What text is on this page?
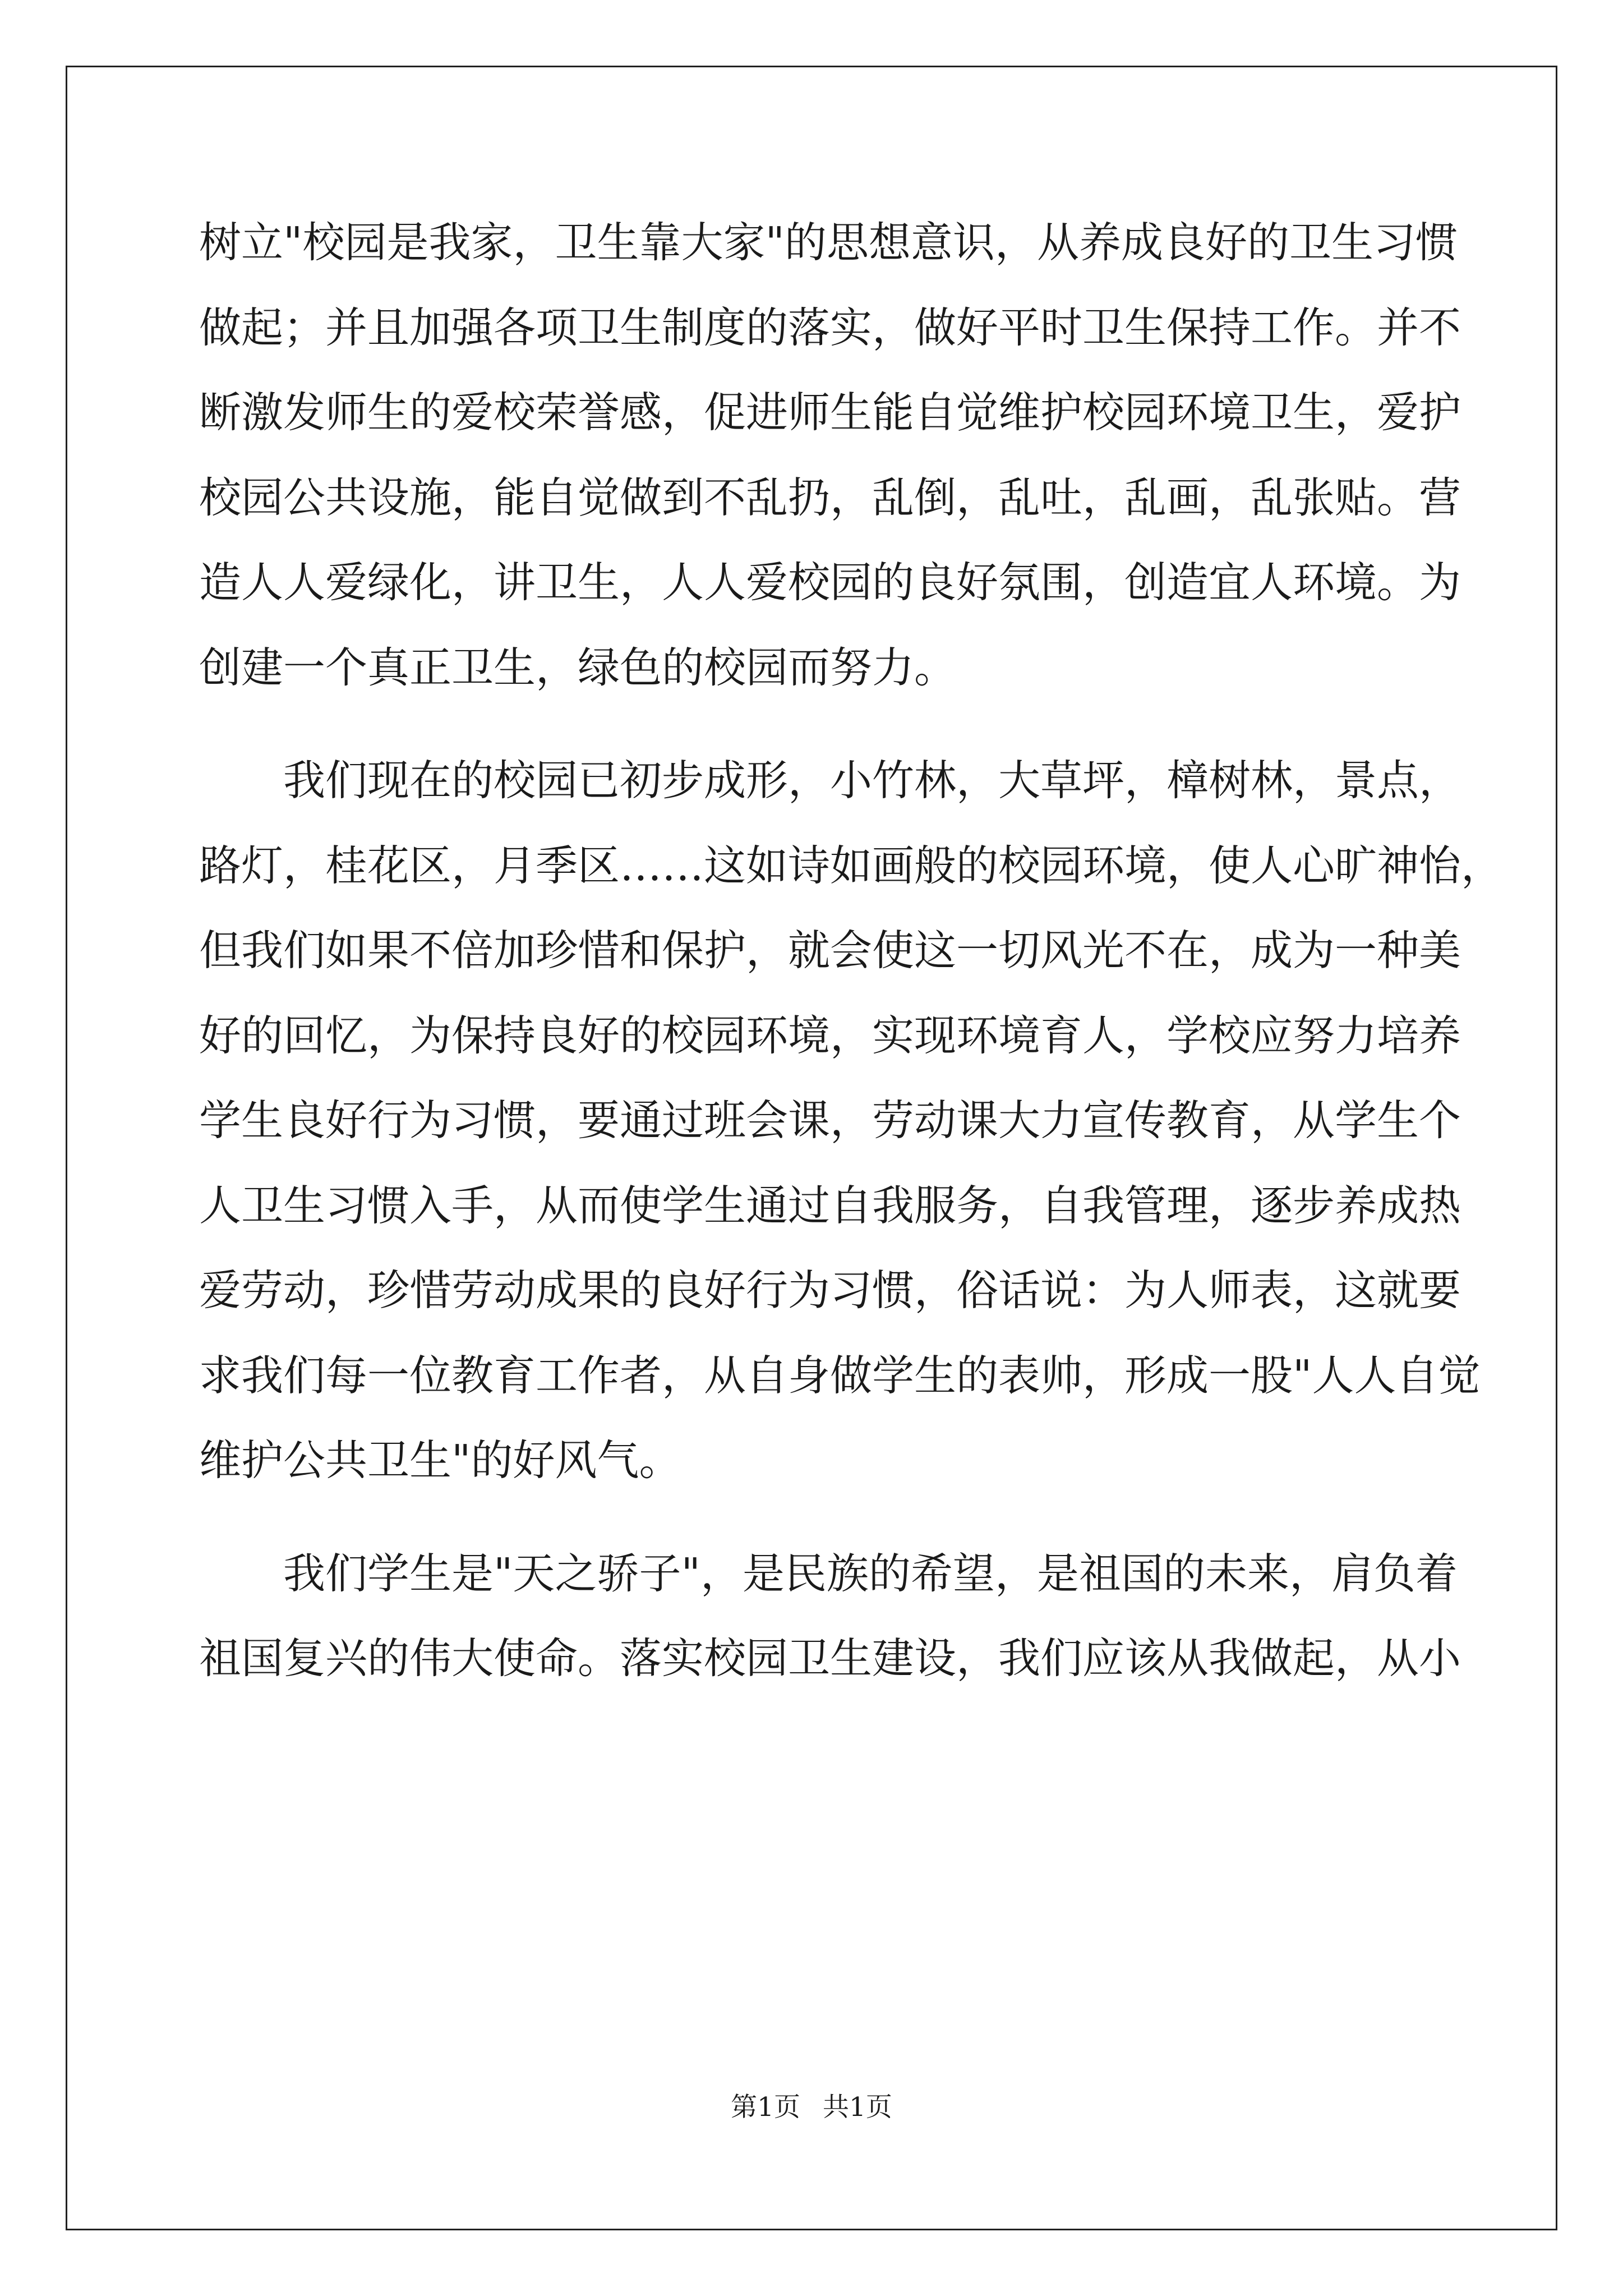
树立"校园是我家，卫生靠大家"的思想意识，从养成良好的卫生习惯
做起；并且加强各项卫生制度的落实，做好平时卫生保持工作。并不
断激发师生的爱校荣誉感，促进师生能自觉维护校园环境卫生，爱护
校园公共设施，能自觉做到不乱扔，乱倒，乱吐，乱画，乱张贴。营
造人人爱绿化，讲卫生，人人爱校园的良好氛围，创造宜人环境。为
创建一个真正卫生，绿色的校园而努力。
　　我们现在的校园已初步成形，小竹林，大草坪，樟树林，景点，
路灯，桂花区，月季区……这如诗如画般的校园环境，使人心旷神怡，
但我们如果不倍加珍惜和保护，就会使这一切风光不在，成为一种美
好的回忆，为保持良好的校园环境，实现环境育人，学校应努力培养
学生良好行为习惯，要通过班会课，劳动课大力宣传教育，从学生个
人卫生习惯入手，从而使学生通过自我服务，自我管理，逐步养成热
爱劳动，珍惜劳动成果的良好行为习惯，俗话说：为人师表，这就要
求我们每一位教育工作者，从自身做学生的表帅，形成一股"人人自觉
维护公共卫生"的好风气。
　　我们学生是"天之骄子"，是民族的希望，是祖国的未来，肩负着
祖国复兴的伟大使命。落实校园卫生建设，我们应该从我做起，从小
第1页 共1页
